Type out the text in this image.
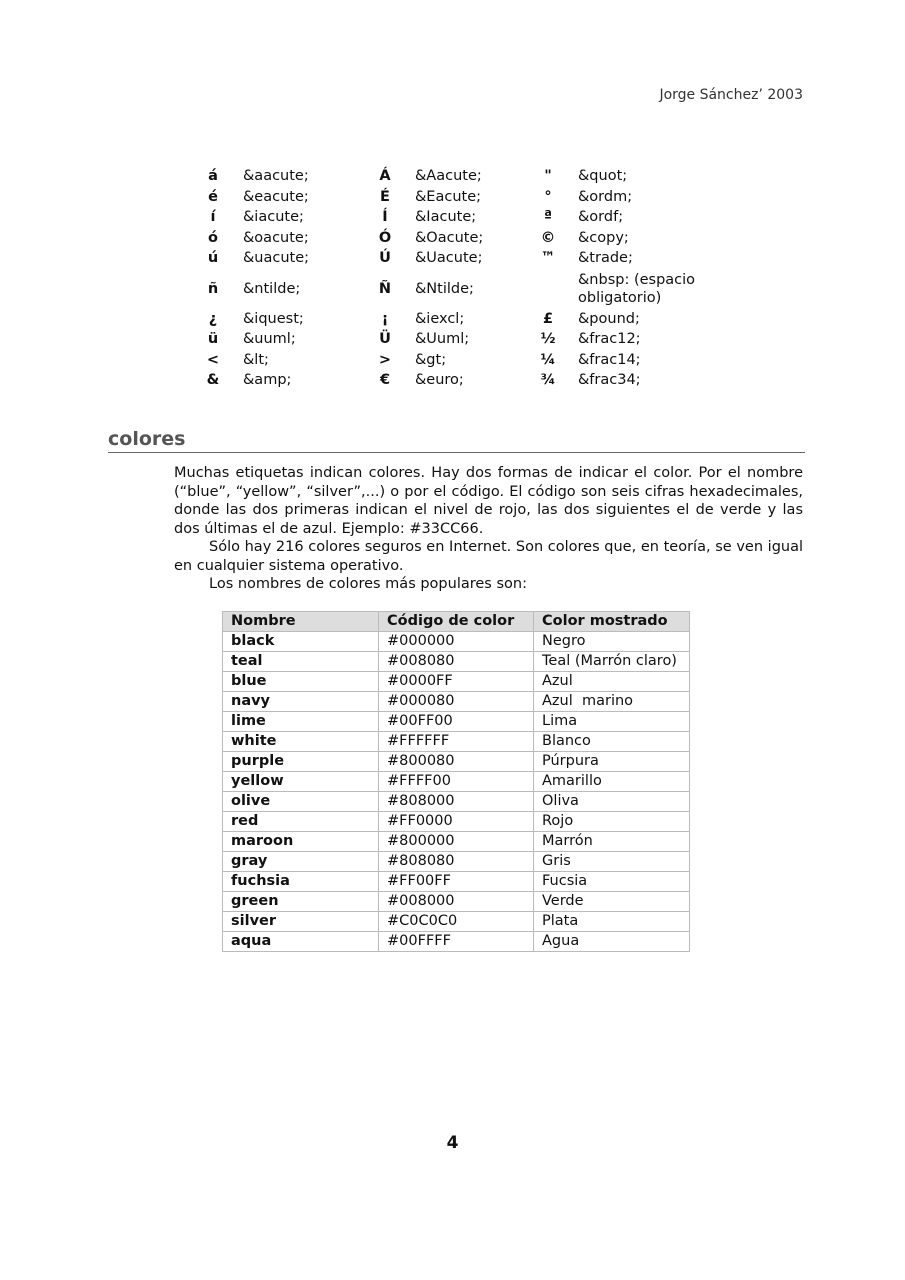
Jorge Sánchez’ 2003
á	&aacute;	Á	&Aacute;	"	&quot;
é	&eacute;	É	&Eacute;	°	&ordm;
í	&iacute;	Í	&Iacute;	ª	&ordf;
ó	&oacute;	Ó	&Oacute;	©	&copy;
ú	&uacute;	Ú	&Uacute;	™	&trade;
ñ	&ntilde;	Ñ	&Ntilde;		&nbsp: (espacio obligatorio)
¿	&iquest;	¡	&iexcl;	£	&pound;
ü	&uuml;	Ü	&Uuml;	½	&frac12;
<	&lt;	>	&gt;	¼	&frac14;
&	&amp;	€	&euro;	¾	&frac34;
colores

Muchas etiquetas indican colores. Hay dos formas de indicar el color. Por el nombre (“blue”, “yellow”, “silver”,...) o por el código. El código son seis cifras hexadecimales, donde las dos primeras indican el nivel de rojo, las dos siguientes el de verde y las dos últimas el de azul. Ejemplo: #33CC66.

Sólo hay 216 colores seguros en Internet. Son colores que, en teoría, se ven igual en cualquier sistema operativo.

Los nombres de colores más populares son:

Nombre	Código de color	Color mostrado
black	#000000	Negro
teal	#008080	Teal (Marrón claro)
blue	#0000FF	Azul
navy	#000080	Azul  marino
lime	#00FF00	Lima
white	#FFFFFF	Blanco
purple	#800080	Púrpura
yellow	#FFFF00	Amarillo
olive	#808000	Oliva
red	#FF0000	Rojo
maroon	#800000	Marrón
gray	#808080	Gris
fuchsia	#FF00FF	Fucsia
green	#008000	Verde
silver	#C0C0C0	Plata
aqua	#00FFFF	Agua
4
